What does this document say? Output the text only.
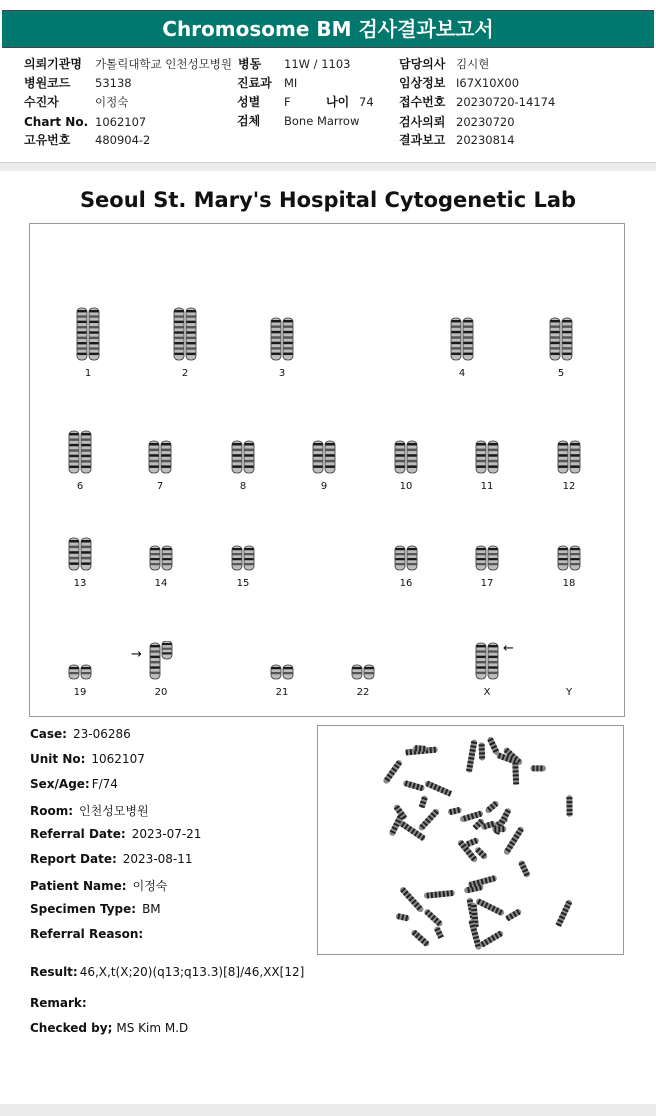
Chromosome BM 검사결과보고서
의뢰기관명 가톨릭대학교 인천성모병원 병동 11W / 1103	담당의사 김시현
병원코드 53138	진료과 MI	임상정보 I67X10X00
수진자	이정숙	성별 F	나이 74 접수번호 20230720-14174
Chart No. 1062107	검체 Bone Marrow	검사의뢰 20230720
고유번호 480904-2	결과보고 20230814
Seoul St. Mary's Hospital Cytogenetic Lab
→	←
1	2	3	4	5
6	7	8	9	10	11	12
13	14	15	16	17	18
19	20	21	22	X	Y
Case: 23-06286
Unit No: 1062107
Sex/Age: F/74
Room: 인천성모병원
Referral Date: 2023-07-21
Report Date: 2023-08-11
Patient Name: 이정숙
Specimen Type: BM
Referral Reason:
Result: 46,X,t(X;20)(q13;q13.3)[8]/46,XX[12]
Remark:
Checked by; MS Kim M.D
